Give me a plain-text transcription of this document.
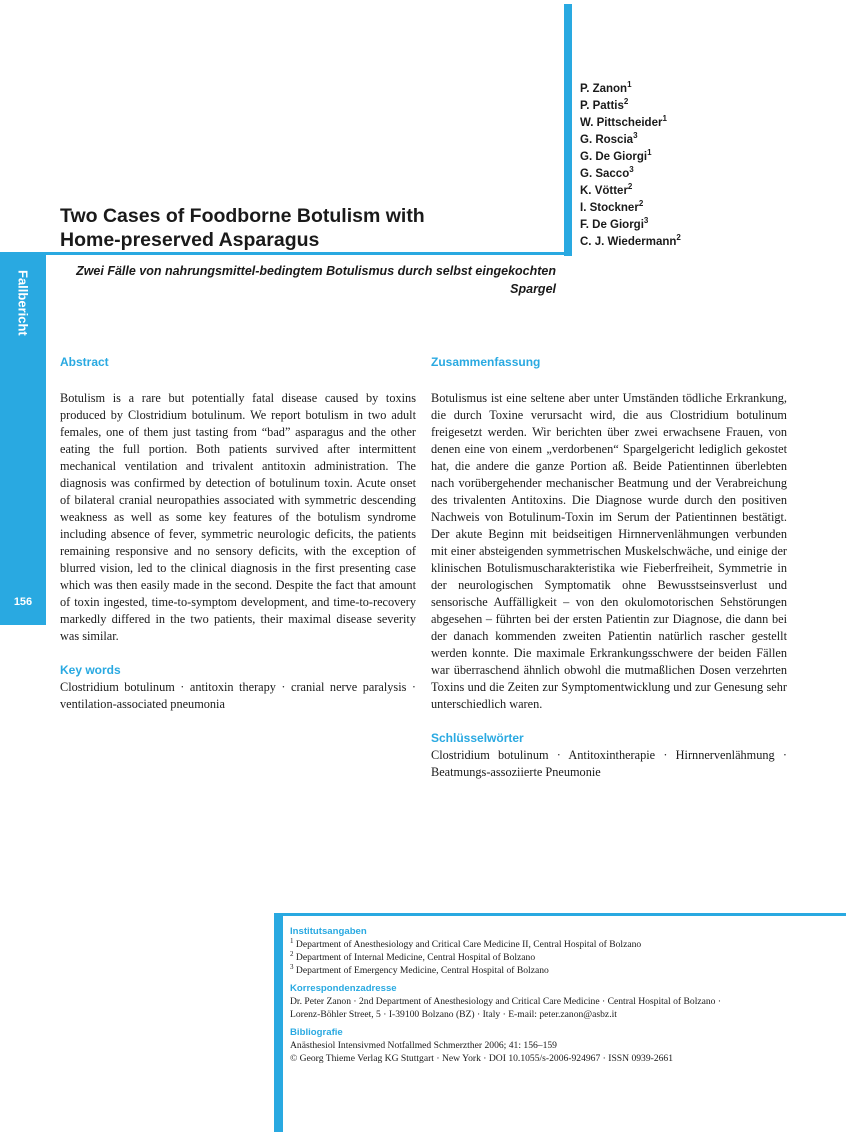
Fallbericht
156
P. Zanon$^1$
P. Pattis$^2$
W. Pittscheider$^1$
G. Roscia$^3$
G. De Giorgi$^1$
G. Sacco$^3$
K. Vötter$^2$
I. Stockner$^2$
F. De Giorgi$^3$
C. J. Wiedermann$^2$
Two Cases of Foodborne Botulism with
Home-preserved Asparagus

Zwei Fälle von nahrungsmittel-bedingtem Botulismus durch selbst eingekochten
Spargel

Abstract

Botulism is a rare but potentially fatal disease caused by toxins produced by Clostridium botulinum. We report botulism in two adult females, one of them just tasting from “bad” asparagus and the other eating the full portion. Both patients survived after intermittent mechanical ventilation and trivalent antitoxin administration. The diagnosis was confirmed by detection of botulinum toxin. Acute onset of bilateral cranial neuropathies associated with symmetric descending weakness as well as some key features of the botulism syndrome including absence of fever, symmetric neurologic deficits, the patients remaining responsive and no sensory deficits, with the exception of blurred vision, led to the clinical diagnosis in the first presenting case which was then easily made in the second. Despite the fact that amount of toxin ingested, time-to-symptom development, and time-to-recovery markedly differed in the two patients, their maximal disease severity was similar.

Key words

Clostridium botulinum · antitoxin therapy · cranial nerve paralysis · ventilation-associated pneumonia

Zusammenfassung

Botulismus ist eine seltene aber unter Umständen tödliche Erkrankung, die durch Toxine verursacht wird, die aus Clostridium botulinum freigesetzt werden. Wir berichten über zwei erwachsene Frauen, von denen eine von einem „verdorbenen“ Spargelgericht lediglich gekostet hat, die andere die ganze Portion aß. Beide Patientinnen überlebten nach vorübergehender mechanischer Beatmung und der Verabreichung des trivalenten Antitoxins. Die Diagnose wurde durch den positiven Nachweis von Botulinum-Toxin im Serum der Patientinnen bestätigt. Der akute Beginn mit beidseitigen Hirnnervenlähmungen verbunden mit einer absteigenden symmetrischen Muskelschwäche, und einige der klinischen Botulismuscharakteristika wie Fieberfreiheit, Symmetrie in der neurologischen Symptomatik ohne Bewusstseinsverlust und sensorische Auffälligkeit – von den okulomotorischen Sehstörungen abgesehen – führten bei der ersten Patientin zur Diagnose, die dann bei der danach kommenden zweiten Patientin natürlich rascher gestellt werden konnte. Die maximale Erkrankungsschwere der beiden Fällen war überraschend ähnlich obwohl die mutmaßlichen Dosen verzehrten Toxins und die Zeiten zur Symptomentwicklung und zur Genesung sehr unterschiedlich waren.

Schlüsselwörter

Clostridium botulinum · Antitoxintherapie · Hirnnervenlähmung · Beatmungs-assoziierte Pneumonie

Institutsangaben
$^1$ Department of Anesthesiology and Critical Care Medicine II, Central Hospital of Bolzano
$^2$ Department of Internal Medicine, Central Hospital of Bolzano
$^3$ Department of Emergency Medicine, Central Hospital of Bolzano
Korrespondenzadresse
Dr. Peter Zanon · 2nd Department of Anesthesiology and Critical Care Medicine · Central Hospital of Bolzano ·
Lorenz-Böhler Street, 5 · I-39100 Bolzano (BZ) · Italy · E-mail: peter.zanon@asbz.it
Bibliografie
Anästhesiol Intensivmed Notfallmed Schmerzther 2006; 41: 156–159
© Georg Thieme Verlag KG Stuttgart · New York · DOI 10.1055/s-2006-924967 · ISSN 0939-2661
